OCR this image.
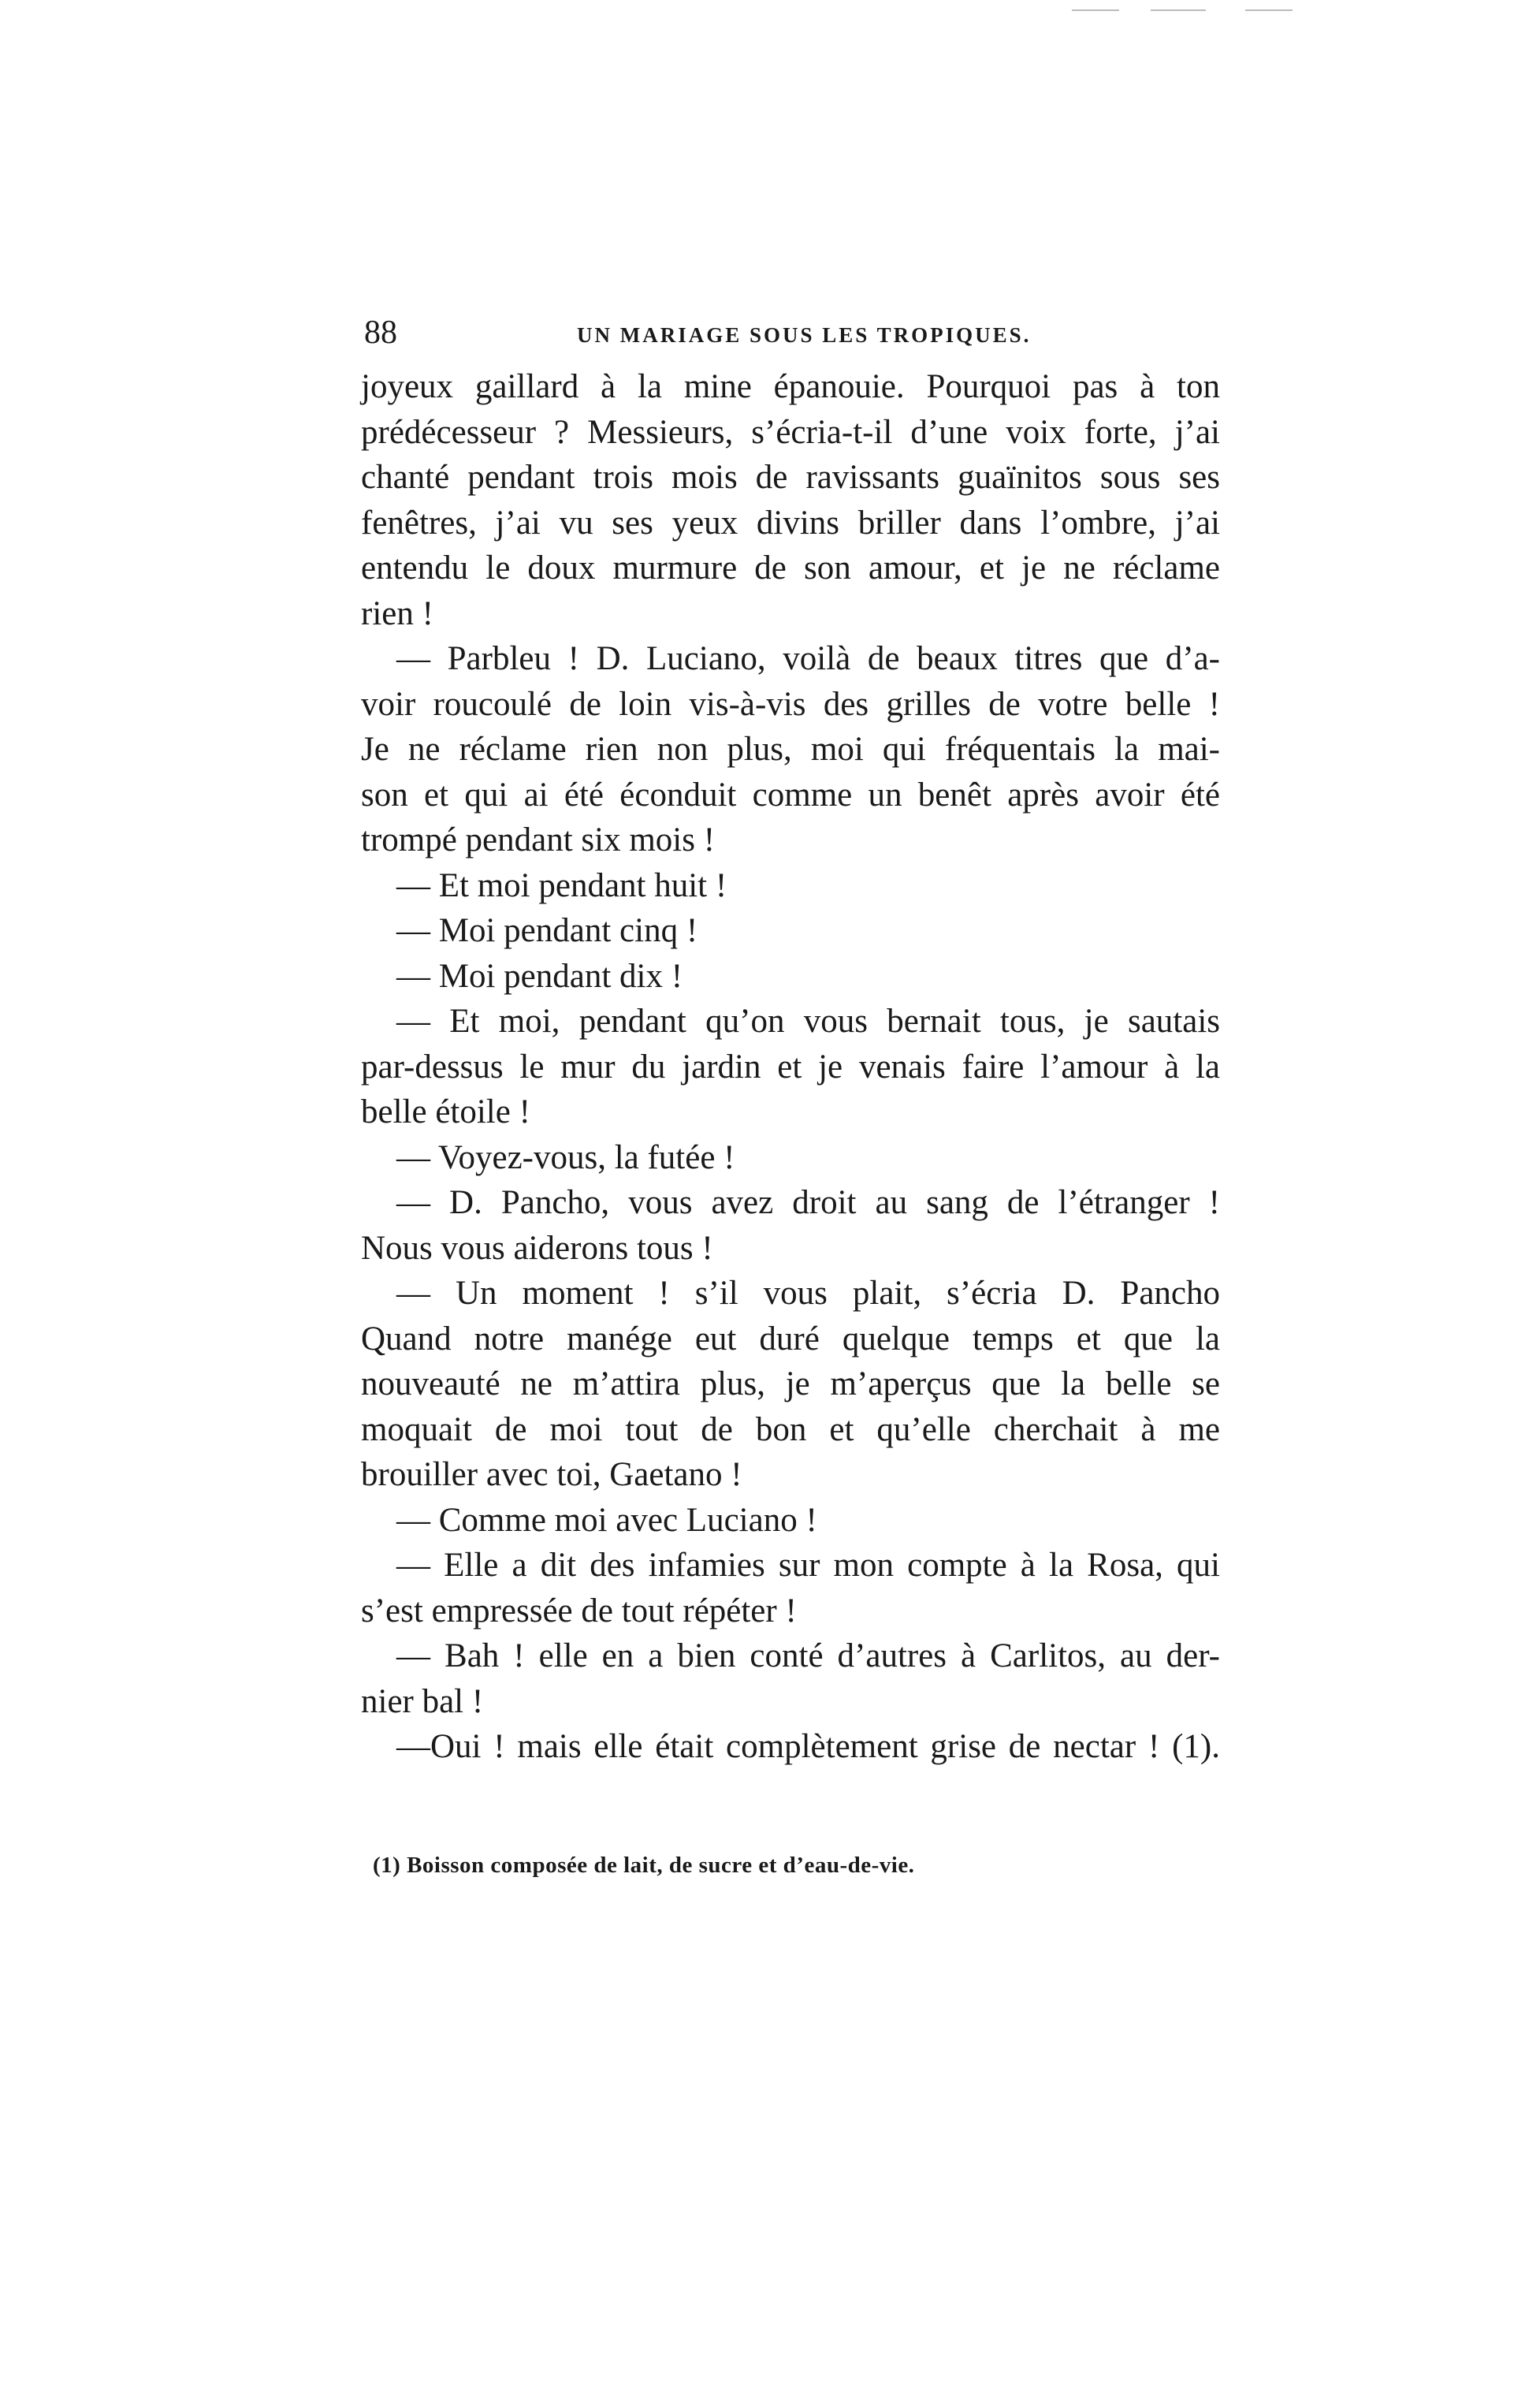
88	UN MARIAGE SOUS LES TROPIQUES.
joyeux gaillard à la mine épanouie. Pourquoi pas à ton
prédécesseur ? Messieurs, s’écria-t-il d’une voix forte, j’ai
chanté pendant trois mois de ravissants guaïnitos sous ses
fenêtres, j’ai vu ses yeux divins briller dans l’ombre, j’ai
entendu le doux murmure de son amour, et je ne réclame
rien !
— Parbleu ! D. Luciano, voilà de beaux titres que d’a-
voir roucoulé de loin vis-à-vis des grilles de votre belle !
Je ne réclame rien non plus, moi qui fréquentais la mai-
son et qui ai été éconduit comme un benêt après avoir été
trompé pendant six mois !
— Et moi pendant huit !
— Moi pendant cinq !
— Moi pendant dix !
— Et moi, pendant qu’on vous bernait tous, je sautais
par-dessus le mur du jardin et je venais faire l’amour à la
belle étoile !
— Voyez-vous, la futée !
— D. Pancho, vous avez droit au sang de l’étranger !
Nous vous aiderons tous !
— Un moment ! s’il vous plait, s’écria D. Pancho
Quand notre manége eut duré quelque temps et que la
nouveauté ne m’attira plus, je m’aperçus que la belle se
moquait de moi tout de bon et qu’elle cherchait à me
brouiller avec toi, Gaetano !
— Comme moi avec Luciano !
— Elle a dit des infamies sur mon compte à la Rosa, qui
s’est empressée de tout répéter !
— Bah ! elle en a bien conté d’autres à Carlitos, au der-
nier bal !
—Oui ! mais elle était complètement grise de nectar ! (1).
(1) Boisson composée de lait, de sucre et d’eau-de-vie.
